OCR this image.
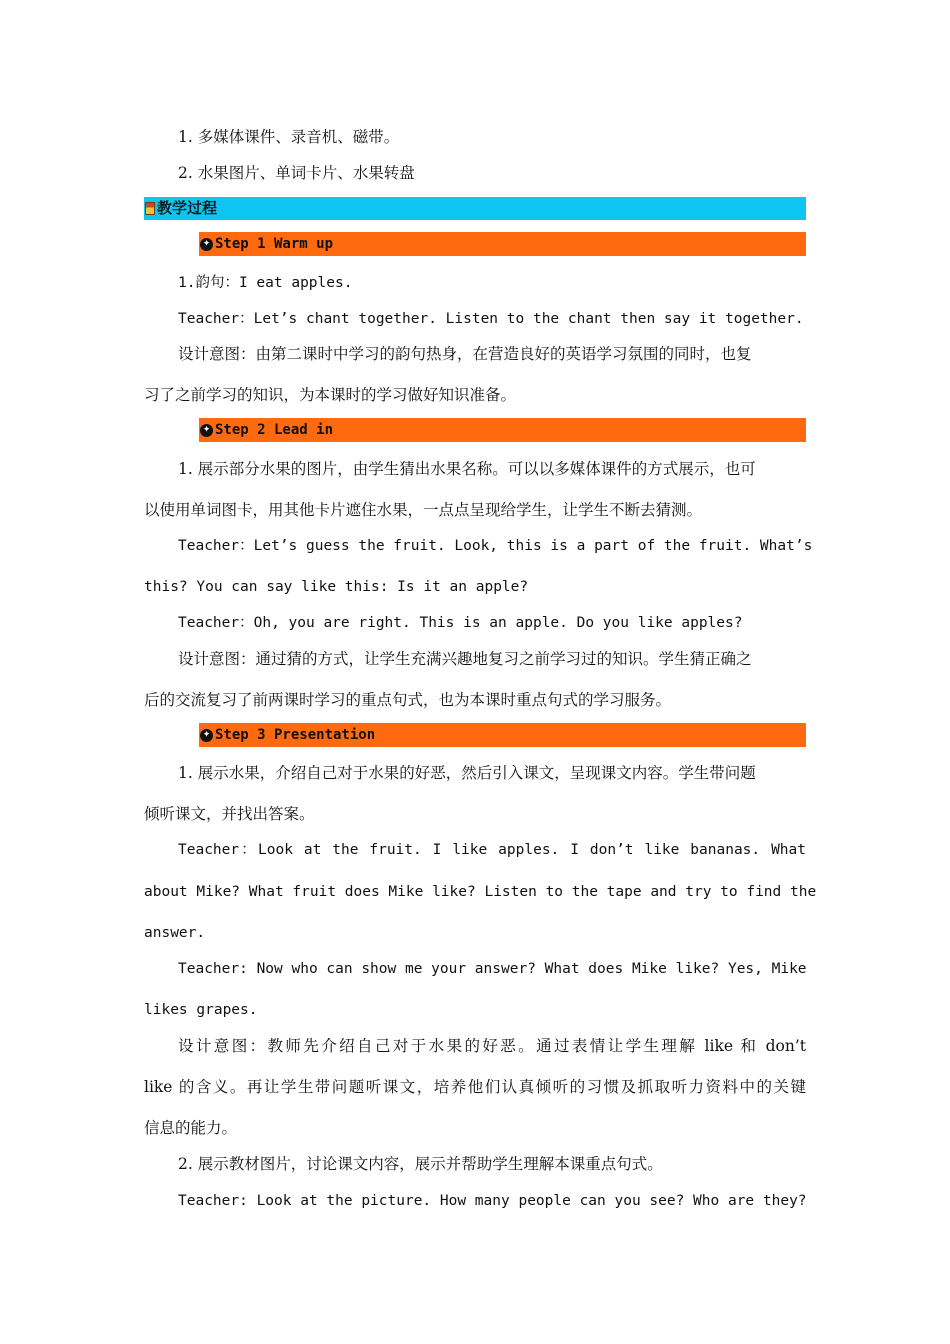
1. 多媒体课件、录音机、磁带。
2. 水果图片、单词卡片、水果转盘
教学过程
✦ Step 1 Warm up
1.韵句：I eat apples.
Teacher：Let’s chant together. Listen to the chant then say it together.
设计意图：由第二课时中学习的韵句热身，在营造良好的英语学习氛围的同时，也复
习了之前学习的知识，为本课时的学习做好知识准备。
✦ Step 2 Lead in
1. 展示部分水果的图片，由学生猜出水果名称。可以以多媒体课件的方式展示，也可
以使用单词图卡，用其他卡片遮住水果，一点点呈现给学生，让学生不断去猜测。
Teacher：Let’s guess the fruit. Look, this is a part of the fruit. What’s
this? You can say like this: Is it an apple?
Teacher：Oh, you are right. This is an apple. Do you like apples?
设计意图：通过猜的方式，让学生充满兴趣地复习之前学习过的知识。学生猜正确之
后的交流复习了前两课时学习的重点句式，也为本课时重点句式的学习服务。
✦ Step 3 Presentation
1. 展示水果，介绍自己对于水果的好恶，然后引入课文，呈现课文内容。学生带问题
倾听课文，并找出答案。
Teacher：Look at the fruit. I like apples. I don’t like bananas. What
about Mike? What fruit does Mike like? Listen to the tape and try to find the
answer.
Teacher: Now who can show me your answer? What does Mike like? Yes, Mike
likes grapes.
设计意图：教师先介绍自己对于水果的好恶。通过表情让学生理解 like 和 don’t
like 的含义。再让学生带问题听课文，培养他们认真倾听的习惯及抓取听力资料中的关键
信息的能力。
2. 展示教材图片，讨论课文内容，展示并帮助学生理解本课重点句式。
Teacher: Look at the picture. How many people can you see? Who are they?
